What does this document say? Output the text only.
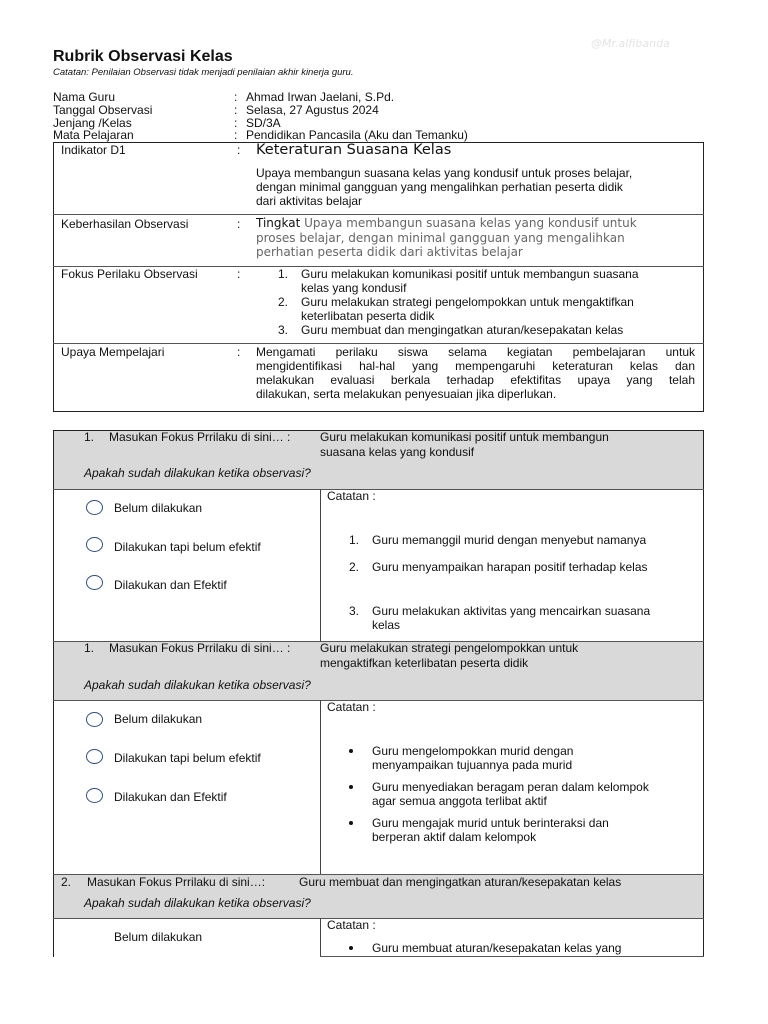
@Mr.alfibanda
Rubrik Observasi Kelas
Catatan: Penilaian Observasi tidak menjadi penilaian akhir kinerja guru.
Nama Guru	: Ahmad Irwan Jaelani, S.Pd.
Tanggal Observasi	: Selasa, 27 Agustus 2024
Jenjang /Kelas	: SD/3A
Mata Pelajaran	: Pendidikan Pancasila (Aku dan Temanku)
Indikator D1	: Keteraturan Suasana Kelas
Upaya membangun suasana kelas yang kondusif untuk proses belajar,
dengan minimal gangguan yang mengalihkan perhatian peserta didik
dari aktivitas belajar
Keberhasilan Observasi	: Tingkat Upaya membangun suasana kelas yang kondusif untuk
proses belajar, dengan minimal gangguan yang mengalihkan
perhatian peserta didik dari aktivitas belajar
Fokus Perilaku Observasi	:	1. Guru melakukan komunikasi positif untuk membangun suasana
kelas yang kondusif
2. Guru melakukan strategi pengelompokkan untuk mengaktifkan
keterlibatan peserta didik
3. Guru membuat dan mengingatkan aturan/kesepakatan kelas
Upaya Mempelajari	: Mengamati perilaku siswa selama kegiatan pembelajaran untuk
mengidentifikasi hal-hal yang mempengaruhi keteraturan kelas dan
melakukan evaluasi berkala terhadap efektifitas upaya yang telah
dilakukan, serta melakukan penyesuaian jika diperlukan.
1. Masukan Fokus Prrilaku di sini… : Guru melakukan komunikasi positif untuk membangun
suasana kelas yang kondusif
Apakah sudah dilakukan ketika observasi?
Belum dilakukan
Dilakukan tapi belum efektif
Dilakukan dan Efektif
Catatan :
1. Guru memanggil murid dengan menyebut namanya
2. Guru menyampaikan harapan positif terhadap kelas
3. Guru melakukan aktivitas yang mencairkan suasana
kelas
1. Masukan Fokus Prrilaku di sini… : Guru melakukan strategi pengelompokkan untuk
mengaktifkan keterlibatan peserta didik
Apakah sudah dilakukan ketika observasi?
Belum dilakukan
Dilakukan tapi belum efektif
Dilakukan dan Efektif
Catatan :
Guru mengelompokkan murid dengan
menyampaikan tujuannya pada murid
Guru menyediakan beragam peran dalam kelompok
agar semua anggota terlibat aktif
Guru mengajak murid untuk berinteraksi dan
berperan aktif dalam kelompok
2. Masukan Fokus Prrilaku di sini…:	Guru membuat dan mengingatkan aturan/kesepakatan kelas
Apakah sudah dilakukan ketika observasi?
Belum dilakukan
Catatan :
Guru membuat aturan/kesepakatan kelas yang
